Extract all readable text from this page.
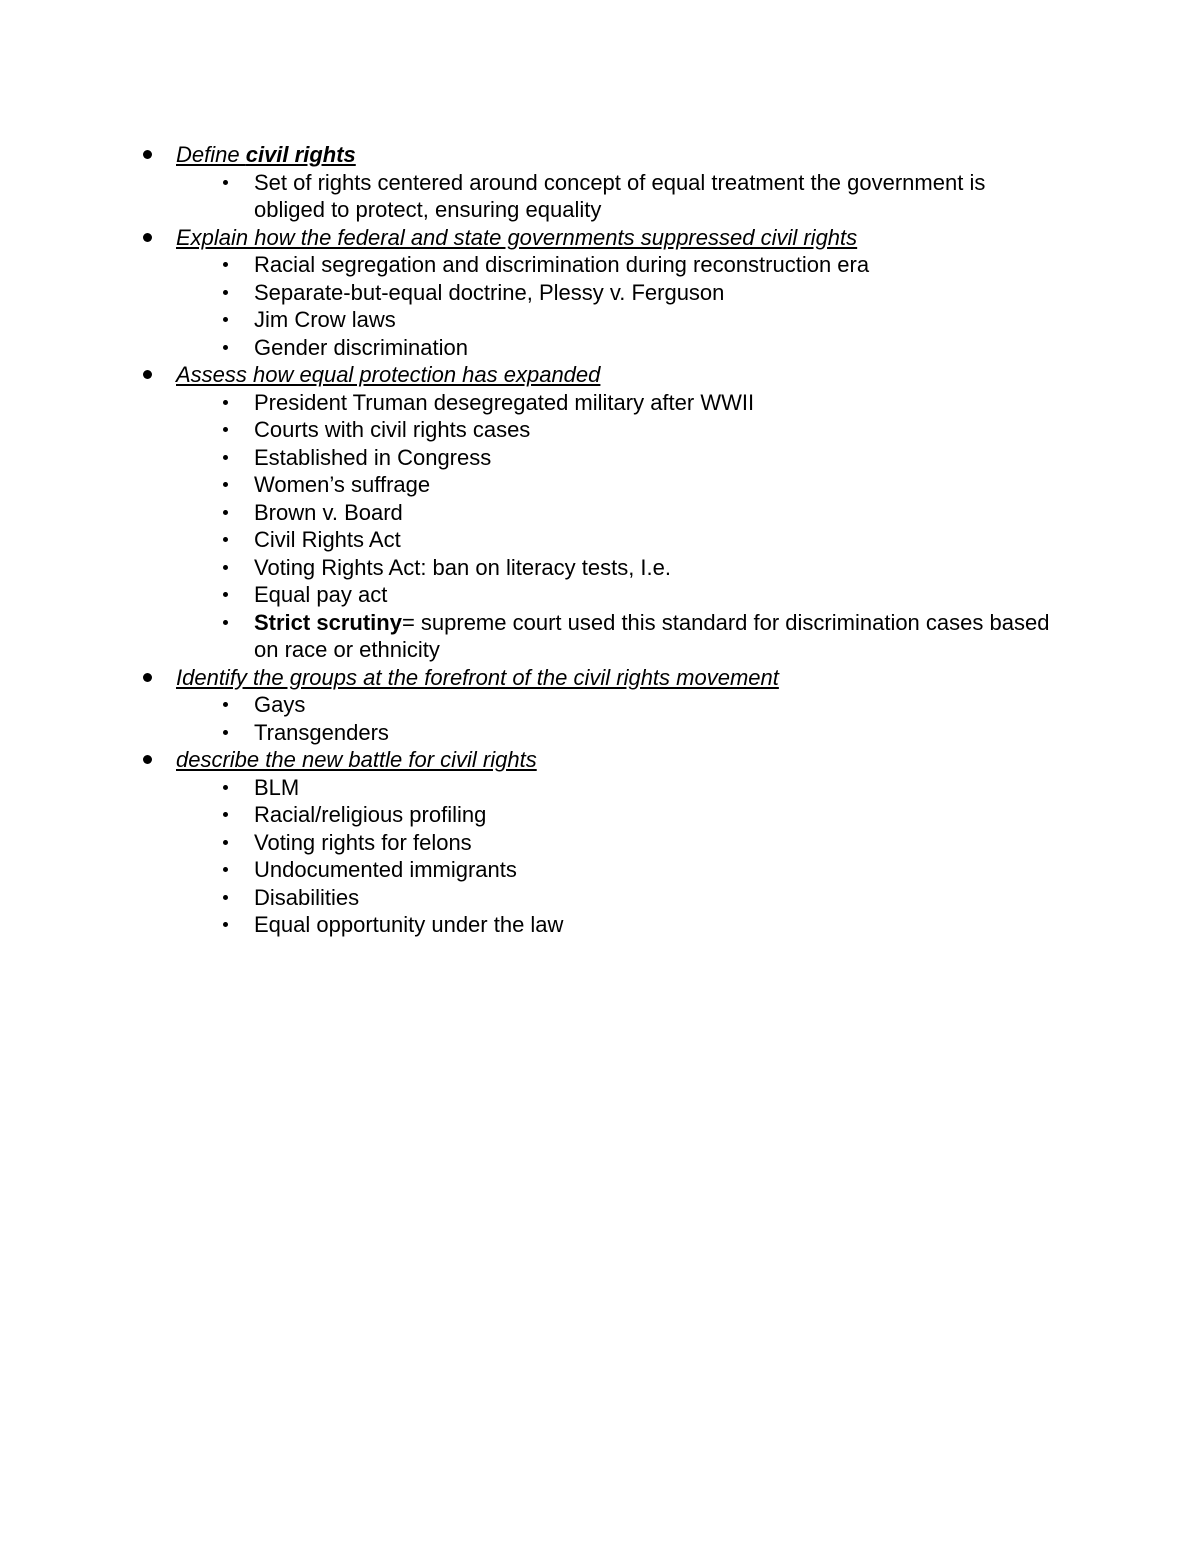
Define civil rights
Set of rights centered around concept of equal treatment the government is obliged to protect, ensuring equality
Explain how the federal and state governments suppressed civil rights
Racial segregation and discrimination during reconstruction era
Separate-but-equal doctrine, Plessy v. Ferguson
Jim Crow laws
Gender discrimination
Assess how equal protection has expanded
President Truman desegregated military after WWII
Courts with civil rights cases
Established in Congress
Women’s suffrage
Brown v. Board
Civil Rights Act
Voting Rights Act: ban on literacy tests, I.e.
Equal pay act
Strict scrutiny= supreme court used this standard for discrimination cases based on race or ethnicity
Identify the groups at the forefront of the civil rights movement
Gays
Transgenders
describe the new battle for civil rights
BLM
Racial/religious profiling
Voting rights for felons
Undocumented immigrants
Disabilities
Equal opportunity under the law
